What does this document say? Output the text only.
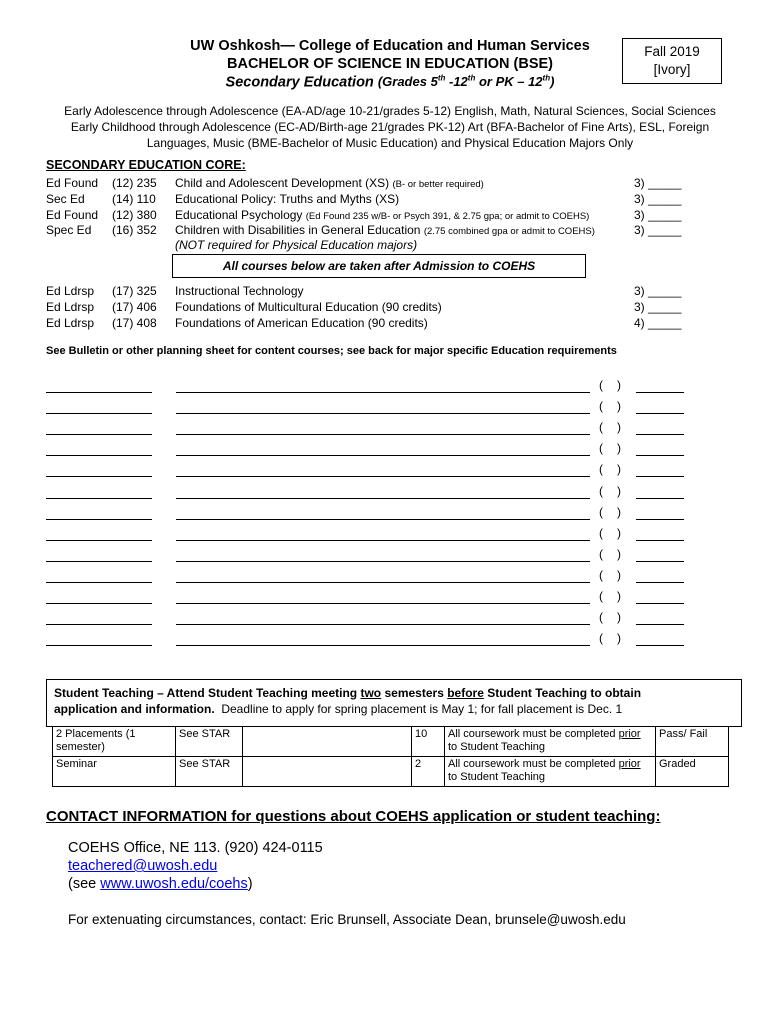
UW Oshkosh— College of Education and Human Services
BACHELOR OF SCIENCE IN EDUCATION (BSE)
Secondary Education (Grades 5th -12th or PK – 12th)
Fall 2019
[Ivory]
Early Adolescence through Adolescence (EA-AD/age 10-21/grades 5-12) English, Math, Natural Sciences, Social Sciences
Early Childhood through Adolescence (EC-AD/Birth-age 21/grades PK-12) Art (BFA-Bachelor of Fine Arts), ESL, Foreign
Languages, Music (BME-Bachelor of Music Education) and Physical Education Majors Only
SECONDARY EDUCATION CORE:
Ed Found (12) 235 Child and Adolescent Development (XS) (B- or better required)	3) _____
Sec Ed (14) 110 Educational Policy: Truths and Myths (XS)	3) _____
Ed Found (12) 380 Educational Psychology (Ed Found 235 w/B- or Psych 391, & 2.75 gpa; or admit to COEHS)	3) _____
Spec Ed (16) 352 Children with Disabilities in General Education (2.75 combined gpa or admit to COEHS)	3) _____
(NOT required for Physical Education majors)
All courses below are taken after Admission to COEHS
Ed Ldrsp (17) 325 Instructional Technology	3) _____
Ed Ldrsp (17) 406 Foundations of Multicultural Education (90 credits)	3) _____
Ed Ldrsp (17) 408 Foundations of American Education (90 credits)	4) _____
See Bulletin or other planning sheet for content courses; see back for major specific Education requirements
( )
( )
( )
( )
( )
( )
( )
( )
( )
( )
( )
( )
( )
Student Teaching – Attend Student Teaching meeting two semesters before Student Teaching to obtain
application and information. Deadline to apply for spring placement is May 1; for fall placement is Dec. 1
2 Placements (1 semester)	See STAR		10	All coursework must be completed prior to Student Teaching	Pass/ Fail
Seminar	See STAR		2	All coursework must be completed prior to Student Teaching	Graded
CONTACT INFORMATION for questions about COEHS application or student teaching:
COEHS Office, NE 113. (920) 424-0115
teachered@uwosh.edu
(see www.uwosh.edu/coehs)
For extenuating circumstances, contact: Eric Brunsell, Associate Dean, brunsele@uwosh.edu
